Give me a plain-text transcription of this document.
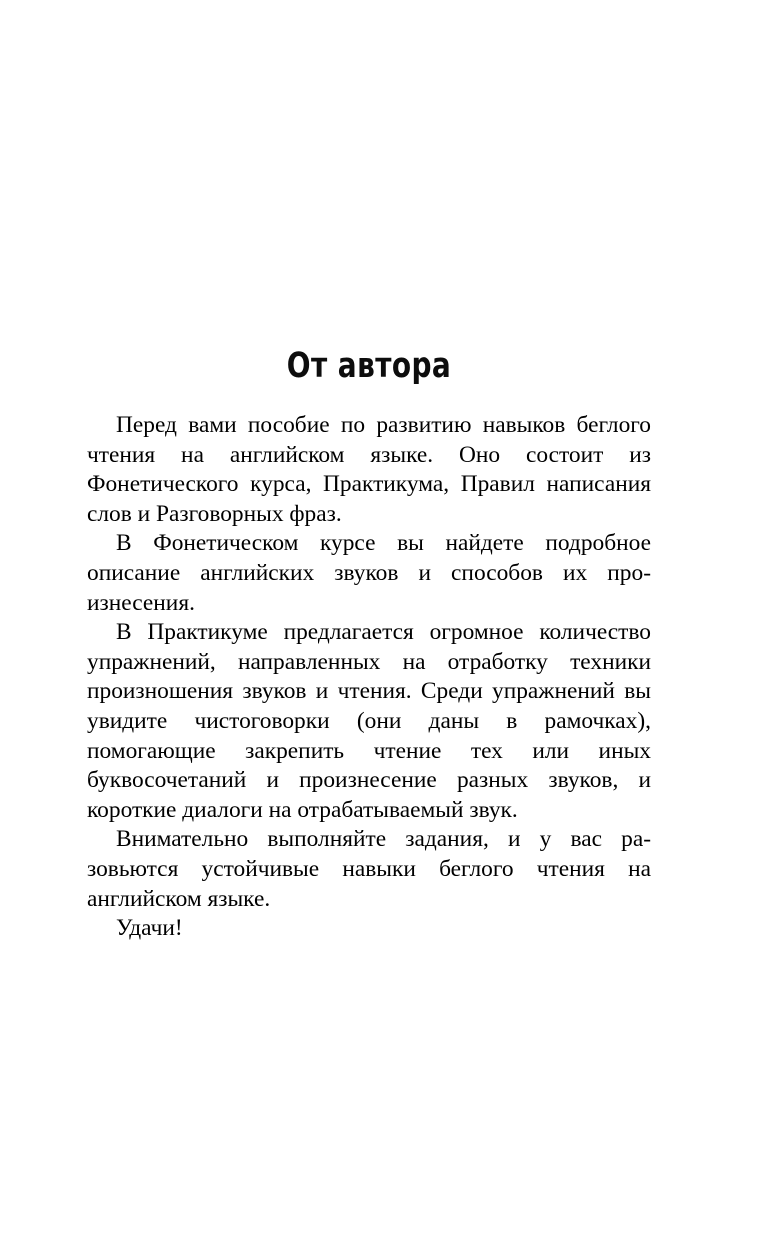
От автора

Перед вами пособие по развитию навыков беглого чтения на английском языке. Оно состоит из Фонетического курса, Практикума, Правил написания слов и Разговорных фраз.

В Фонетическом курсе вы найдете подробное описание английских звуков и способов их произнесения.

В Практикуме предлагается огромное количество упражнений, направленных на отработку техники произношения звуков и чтения. Среди упражнений вы увидите чистоговорки (они даны в рамочках), помогающие закрепить чтение тех или иных буквосочетаний и произнесение разных звуков, и короткие диалоги на отрабатываемый звук.

Внимательно выполняйте задания, и у вас разовьются устойчивые навыки беглого чтения на английском языке.

Удачи!
